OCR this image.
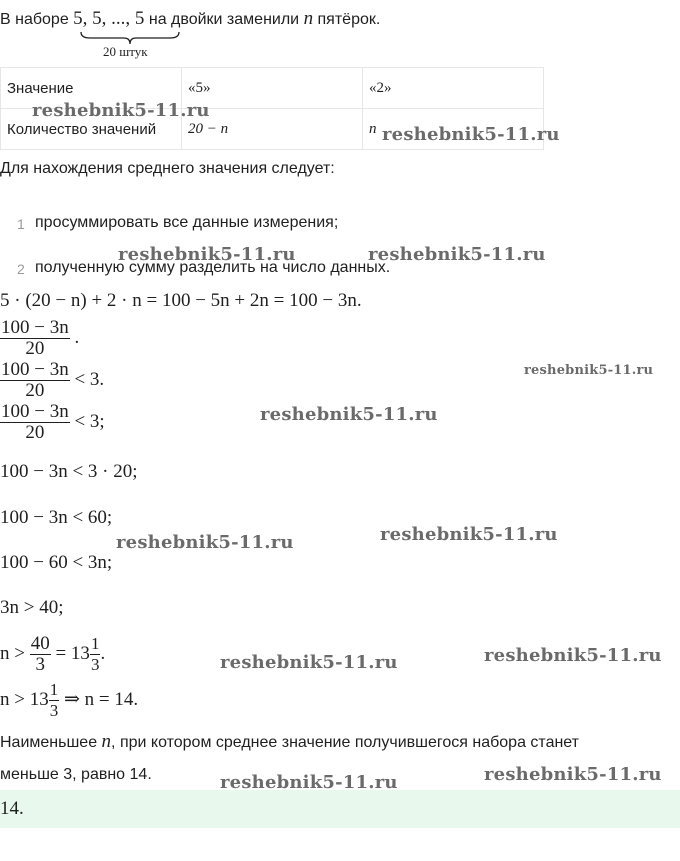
В наборе 5, 5, ..., 5 на двойки заменили n пятёрок.
20 штук
Значение	«5»	«2»
Количество значений	20 − n	n
Для нахождения среднего значения следует:
1 просуммировать все данные измерения;
2 полученную сумму разделить на число данных.
5 · (20 − n) + 2 · n = 100 − 5n + 2n = 100 − 3n.
$\frac{100 - 3n}{20}$ .
$\frac{100 - 3n}{20} < 3$.
$\frac{100 - 3n}{20} < 3$;
100 − 3n < 3 · 20;
100 − 3n < 60;
100 − 60 < 3n;
3n > 40;
$n > \frac{40}{3} = 13 \frac{1}{3}$ .
$n > 13 \frac{1}{3}$ ⇒ n = 14.
Наименьшее n, при котором среднее значение получившегося набора станет
меньше 3, равно 14.
14.
reshebnik5-11.ru
reshebnik5-11.ru
reshebnik5-11.ru	reshebnik5-11.ru
reshebnik5-11.ru
reshebnik5-11.ru
reshebnik5-11.ru
reshebnik5-11.ru
reshebnik5-11.ru	reshebnik5-11.ru
reshebnik5-11.ru	reshebnik5-11.ru
